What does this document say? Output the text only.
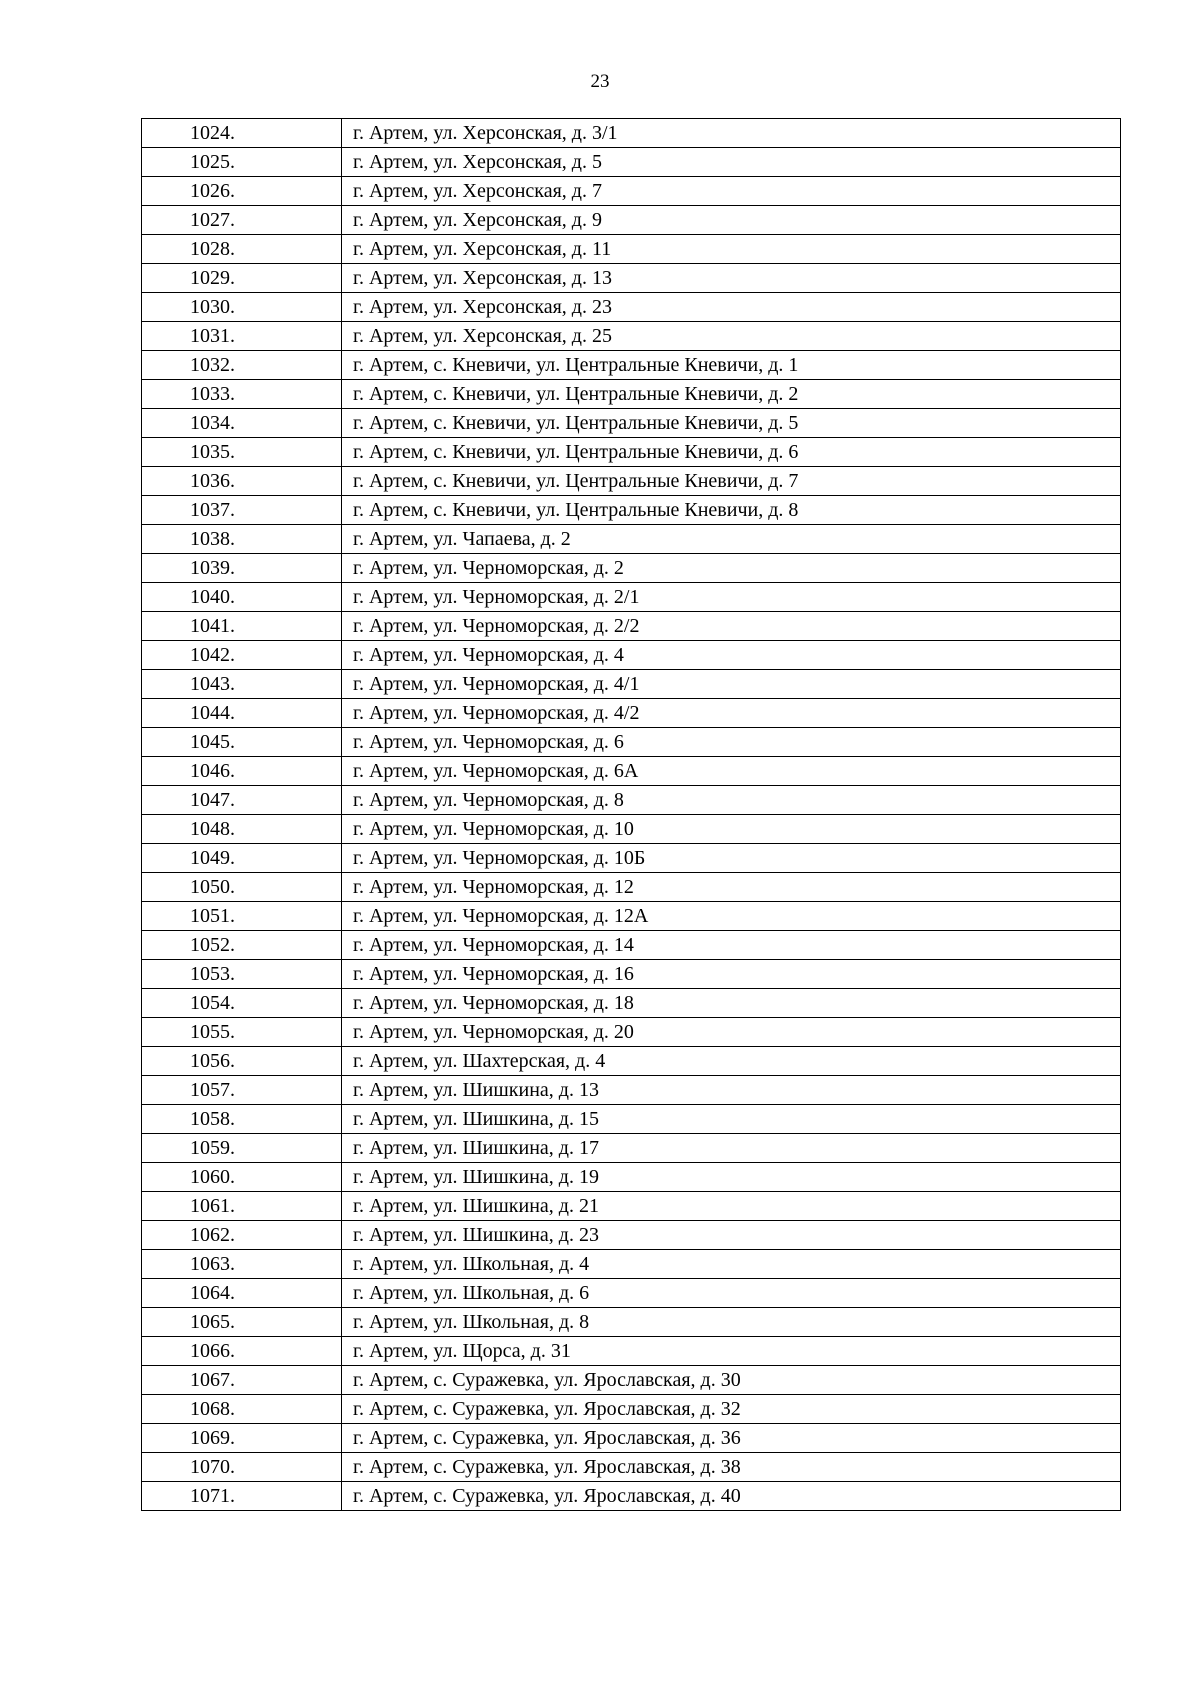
23
1024.	г. Артем, ул. Херсонская, д. 3/1
1025.	г. Артем, ул. Херсонская, д. 5
1026.	г. Артем, ул. Херсонская, д. 7
1027.	г. Артем, ул. Херсонская, д. 9
1028.	г. Артем, ул. Херсонская, д. 11
1029.	г. Артем, ул. Херсонская, д. 13
1030.	г. Артем, ул. Херсонская, д. 23
1031.	г. Артем, ул. Херсонская, д. 25
1032.	г. Артем, с. Кневичи, ул. Центральные Кневичи, д. 1
1033.	г. Артем, с. Кневичи, ул. Центральные Кневичи, д. 2
1034.	г. Артем, с. Кневичи, ул. Центральные Кневичи, д. 5
1035.	г. Артем, с. Кневичи, ул. Центральные Кневичи, д. 6
1036.	г. Артем, с. Кневичи, ул. Центральные Кневичи, д. 7
1037.	г. Артем, с. Кневичи, ул. Центральные Кневичи, д. 8
1038.	г. Артем, ул. Чапаева, д. 2
1039.	г. Артем, ул. Черноморская, д. 2
1040.	г. Артем, ул. Черноморская, д. 2/1
1041.	г. Артем, ул. Черноморская, д. 2/2
1042.	г. Артем, ул. Черноморская, д. 4
1043.	г. Артем, ул. Черноморская, д. 4/1
1044.	г. Артем, ул. Черноморская, д. 4/2
1045.	г. Артем, ул. Черноморская, д. 6
1046.	г. Артем, ул. Черноморская, д. 6А
1047.	г. Артем, ул. Черноморская, д. 8
1048.	г. Артем, ул. Черноморская, д. 10
1049.	г. Артем, ул. Черноморская, д. 10Б
1050.	г. Артем, ул. Черноморская, д. 12
1051.	г. Артем, ул. Черноморская, д. 12А
1052.	г. Артем, ул. Черноморская, д. 14
1053.	г. Артем, ул. Черноморская, д. 16
1054.	г. Артем, ул. Черноморская, д. 18
1055.	г. Артем, ул. Черноморская, д. 20
1056.	г. Артем, ул. Шахтерская, д. 4
1057.	г. Артем, ул. Шишкина, д. 13
1058.	г. Артем, ул. Шишкина, д. 15
1059.	г. Артем, ул. Шишкина, д. 17
1060.	г. Артем, ул. Шишкина, д. 19
1061.	г. Артем, ул. Шишкина, д. 21
1062.	г. Артем, ул. Шишкина, д. 23
1063.	г. Артем, ул. Школьная, д. 4
1064.	г. Артем, ул. Школьная, д. 6
1065.	г. Артем, ул. Школьная, д. 8
1066.	г. Артем, ул. Щорса, д. 31
1067.	г. Артем, с. Суражевка, ул. Ярославская, д. 30
1068.	г. Артем, с. Суражевка, ул. Ярославская, д. 32
1069.	г. Артем, с. Суражевка, ул. Ярославская, д. 36
1070.	г. Артем, с. Суражевка, ул. Ярославская, д. 38
1071.	г. Артем, с. Суражевка, ул. Ярославская, д. 40
